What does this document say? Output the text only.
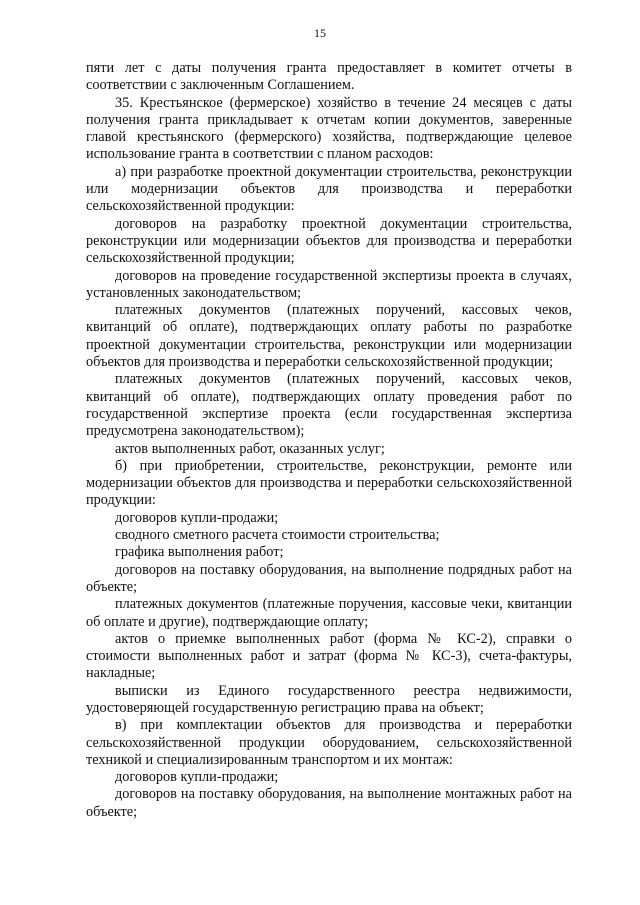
15

пяти лет с даты получения гранта предоставляет в комитет отчеты в соответствии с заключенным Соглашением.

35. Крестьянское (фермерское) хозяйство в течение 24 месяцев с даты получения гранта прикладывает к отчетам копии документов, заверенные главой крестьянского (фермерского) хозяйства, подтверждающие целевое использование гранта в соответствии с планом расходов:

а) при разработке проектной документации строительства, реконструкции или модернизации объектов для производства и переработки сельскохозяйственной продукции:

договоров на разработку проектной документации строительства, реконструкции или модернизации объектов для производства и переработки сельскохозяйственной продукции;

договоров на проведение государственной экспертизы проекта в случаях, установленных законодательством;

платежных документов (платежных поручений, кассовых чеков, квитанций об оплате), подтверждающих оплату работы по разработке проектной документации строительства, реконструкции или модернизации объектов для производства и переработки сельскохозяйственной продукции;

платежных документов (платежных поручений, кассовых чеков, квитанций об оплате), подтверждающих оплату проведения работ по государственной экспертизе проекта (если государственная экспертиза предусмотрена законодательством);

актов выполненных работ, оказанных услуг;

б) при приобретении, строительстве, реконструкции, ремонте или модернизации объектов для производства и переработки сельскохозяйственной продукции:

договоров купли-продажи;

сводного сметного расчета стоимости строительства;

графика выполнения работ;

договоров на поставку оборудования, на выполнение подрядных работ на объекте;

платежных документов (платежные поручения, кассовые чеки, квитанции об оплате и другие), подтверждающие оплату;

актов о приемке выполненных работ (форма № КС-2), справки о стоимости выполненных работ и затрат (форма № КС-3), счета-фактуры, накладные;

выписки из Единого государственного реестра недвижимости, удостоверяющей государственную регистрацию права на объект;

в) при комплектации объектов для производства и переработки сельскохозяйственной продукции оборудованием, сельскохозяйственной техникой и специализированным транспортом и их монтаж:

договоров купли-продажи;

договоров на поставку оборудования, на выполнение монтажных работ на объекте;
